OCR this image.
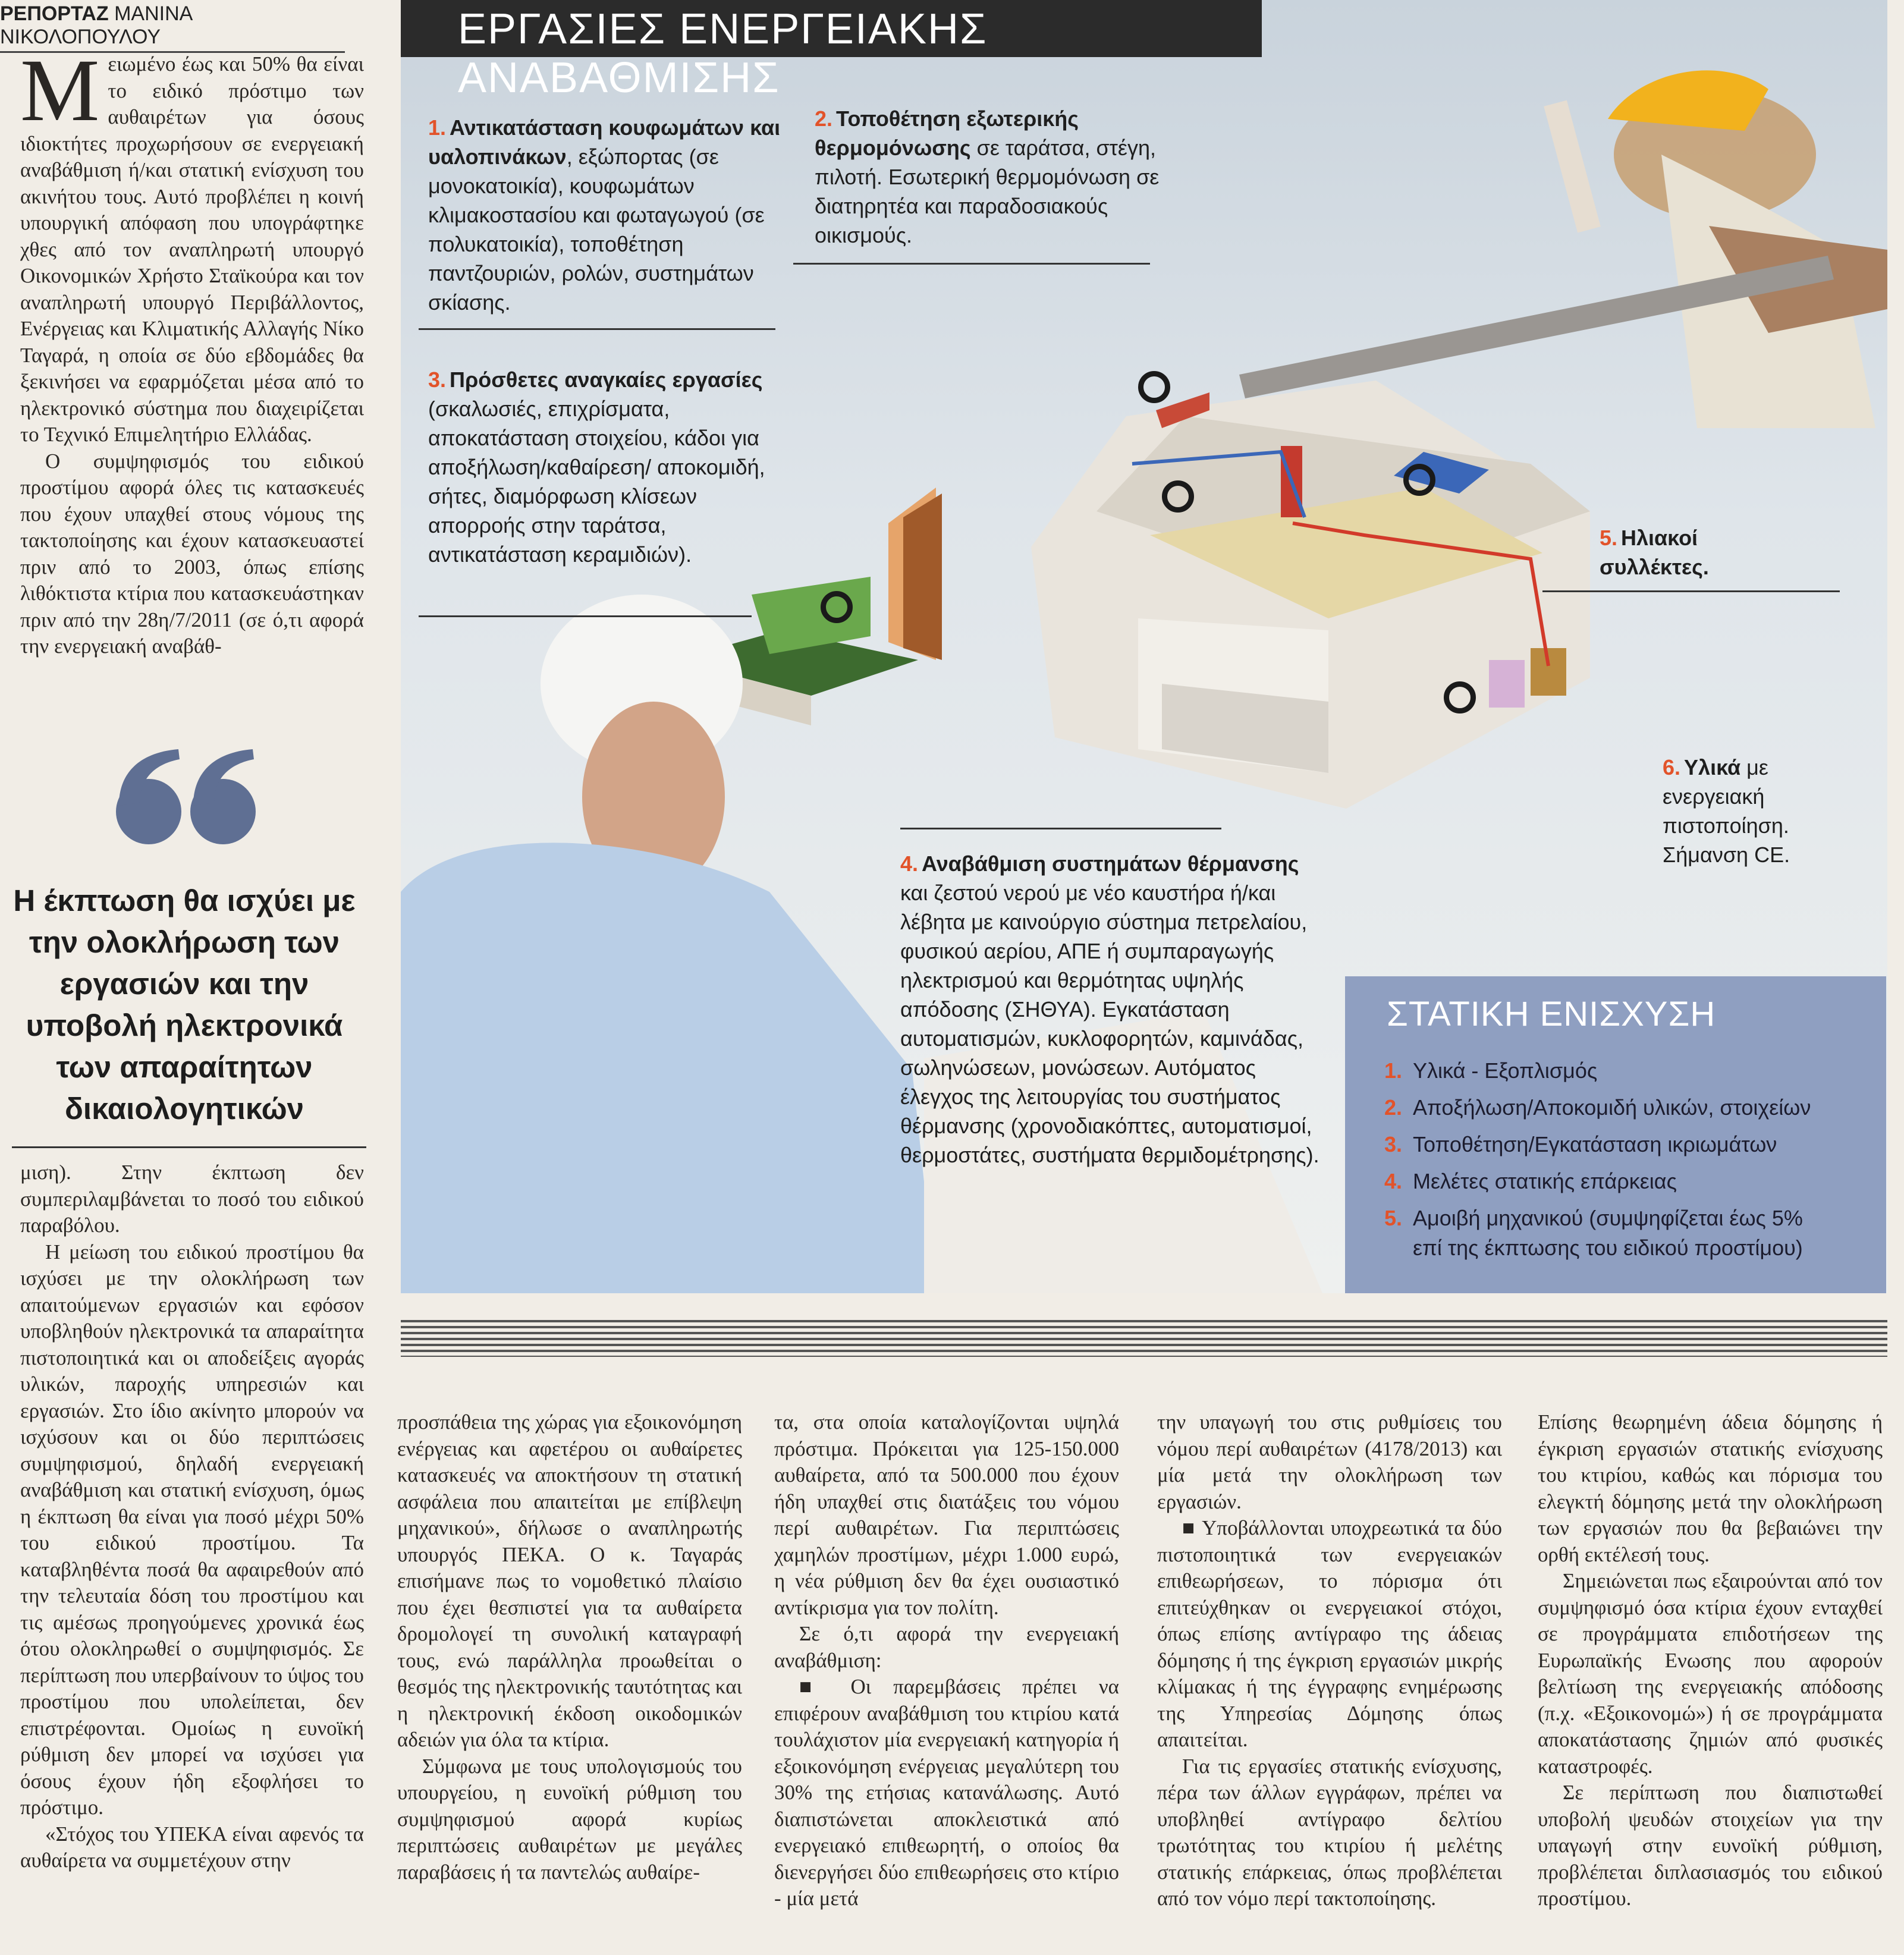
ΡΕΠΟΡΤΑΖ ΜΑΝΙΝΑ ΝΙΚΟΛΟΠΟΥΛΟΥ
Μ ειωμένο έως και 50% θα είναι το ειδικό πρόστιμο των αυθαιρέτων για όσους ιδιοκτήτες προχωρήσουν σε ενεργειακή αναβάθμιση ή/και στατική ενίσχυση του ακινήτου τους. Αυτό προβλέπει η κοινή υπουργική απόφαση που υπογράφτηκε χθες από τον αναπληρωτή υπουργό Οικονομικών Χρήστο Σταϊκούρα και τον αναπληρωτή υπουργό Περιβάλλοντος, Ενέργειας και Κλιματικής Αλλαγής Νίκο Ταγαρά, η οποία σε δύο εβδομάδες θα ξεκινήσει να εφαρμόζεται μέσα από το ηλεκτρονικό σύστημα που διαχειρίζεται το Τεχνικό Επιμελητήριο Ελλάδας.

Ο συμψηφισμός του ειδικού προστίμου αφορά όλες τις κατασκευές που έχουν υπαχθεί στους νόμους της τακτοποίησης και έχουν κατασκευαστεί πριν από το 2003, όπως επίσης λιθόκτιστα κτίρια που κατασκευάστηκαν πριν από την 28η/7/2011 (σε ό,τι αφορά την ενεργειακή αναβάθ-

Η έκπτωση θα ισχύει με την ολοκλήρωση των εργασιών και την υποβολή ηλεκτρονικά των απαραίτητων δικαιολογητικών

μιση). Στην έκπτωση δεν συμπεριλαμβάνεται το ποσό του ειδικού παραβόλου.

Η μείωση του ειδικού προστίμου θα ισχύσει με την ολοκλήρωση των απαιτούμενων εργασιών και εφόσον υποβληθούν ηλεκτρονικά τα απαραίτητα πιστοποιητικά και οι αποδείξεις αγοράς υλικών, παροχής υπηρεσιών και εργασιών. Στο ίδιο ακίνητο μπορούν να ισχύσουν και οι δύο περιπτώσεις συμψηφισμού, δηλαδή ενεργειακή αναβάθμιση και στατική ενίσχυση, όμως η έκπτωση θα είναι για ποσό μέχρι 50% του ειδικού προστίμου. Τα καταβληθέντα ποσά θα αφαιρεθούν από την τελευταία δόση του προστίμου και τις αμέσως προηγούμενες χρονικά έως ότου ολοκληρωθεί ο συμψηφισμός. Σε περίπτωση που υπερβαίνουν το ύψος του προστίμου που υπολείπεται, δεν επιστρέφονται. Ομοίως η ευνοϊκή ρύθμιση δεν μπορεί να ισχύσει για όσους έχουν ήδη εξοφλήσει το πρόστιμο.

«Στόχος του ΥΠΕΚΑ είναι αφενός τα αυθαίρετα να συμμετέχουν στην

ΕΡΓΑΣΙΕΣ ΕΝΕΡΓΕΙΑΚΗΣ ΑΝΑΒΑΘΜΙΣΗΣ
1. Αντικατάσταση κουφωμάτων και υαλοπινάκων, εξώπορτας (σε μονοκατοικία), κουφωμάτων κλιμακοστασίου και φωταγωγού (σε πολυκατοικία), τοποθέτηση παντζουριών, ρολών, συστημάτων σκίασης.
2. Τοποθέτηση εξωτερικής θερμομόνωσης σε ταράτσα, στέγη, πιλοτή. Εσωτερική θερμομόνωση σε διατηρητέα και παραδοσιακούς οικισμούς.
3. Πρόσθετες αναγκαίες εργασίες (σκαλωσιές, επιχρίσματα, αποκατάσταση στοιχείου, κάδοι για αποξήλωση/καθαίρεση/ αποκομιδή, σήτες, διαμόρφωση κλίσεων απορροής στην ταράτσα, αντικατάσταση κεραμιδιών).
4. Αναβάθμιση συστημάτων θέρμανσης και ζεστού νερού με νέο καυστήρα ή/και λέβητα με καινούργιο σύστημα πετρελαίου, φυσικού αερίου, ΑΠΕ ή συμπαραγωγής ηλεκτρισμού και θερμότητας υψηλής απόδοσης (ΣΗΘΥΑ). Εγκατάσταση αυτοματισμών, κυκλοφορητών, καμινάδας, σωληνώσεων, μονώσεων. Αυτόματος έλεγχος της λειτουργίας του συστήματος θέρμανσης (χρονοδιακόπτες, αυτοματισμοί, θερμοστάτες, συστήματα θερμιδομέτρησης).
5. Ηλιακοί συλλέκτες.
6. Υλικά με ενεργειακή πιστοποίηση. Σήμανση CE.
ΣΤΑΤΙΚΗ ΕΝΙΣΧΥΣΗ
1. Υλικά - Εξοπλισμός
2. Αποξήλωση/Αποκομιδή υλικών, στοιχείων
3. Τοποθέτηση/Εγκατάσταση ικριωμάτων
4. Μελέτες στατικής επάρκειας
5. Αμοιβή μηχανικού (συμψηφίζεται έως 5%
επί της έκπτωσης του ειδικού προστίμου)

προσπάθεια της χώρας για εξοικονόμηση ενέργειας και αφετέρου οι αυθαίρετες κατασκευές να αποκτήσουν τη στατική ασφάλεια που απαιτείται με επίβλεψη μηχανικού», δήλωσε ο αναπληρωτής υπουργός ΠΕΚΑ. Ο κ. Ταγαράς επισήμανε πως το νομοθετικό πλαίσιο που έχει θεσπιστεί για τα αυθαίρετα δρομολογεί τη συνολική καταγραφή τους, ενώ παράλληλα προωθείται ο θεσμός της ηλεκτρονικής ταυτότητας και η ηλεκτρονική έκδοση οικοδομικών αδειών για όλα τα κτίρια.

Σύμφωνα με τους υπολογισμούς του υπουργείου, η ευνοϊκή ρύθμιση του συμψηφισμού αφορά κυρίως περιπτώσεις αυθαιρέτων με μεγάλες παραβάσεις ή τα παντελώς αυθαίρε-

τα, στα οποία καταλογίζονται υψηλά πρόστιμα. Πρόκειται για 125-150.000 αυθαίρετα, από τα 500.000 που έχουν ήδη υπαχθεί στις διατάξεις του νόμου περί αυθαιρέτων. Για περιπτώσεις χαμηλών προστίμων, μέχρι 1.000 ευρώ, η νέα ρύθμιση δεν θα έχει ουσιαστικό αντίκρισμα για τον πολίτη.

Σε ό,τι αφορά την ενεργειακή αναβάθμιση:

■ Οι παρεμβάσεις πρέπει να επιφέρουν αναβάθμιση του κτιρίου κατά τουλάχιστον μία ενεργειακή κατηγορία ή εξοικονόμηση ενέργειας μεγαλύτερη του 30% της ετήσιας κατανάλωσης. Αυτό διαπιστώνεται αποκλειστικά από ενεργειακό επιθεωρητή, ο οποίος θα διενεργήσει δύο επιθεωρήσεις στο κτίριο - μία μετά

την υπαγωγή του στις ρυθμίσεις του νόμου περί αυθαιρέτων (4178/2013) και μία μετά την ολοκλήρωση των εργασιών.

■ Υποβάλλονται υποχρεωτικά τα δύο πιστοποιητικά των ενεργειακών επιθεωρήσεων, το πόρισμα ότι επιτεύχθηκαν οι ενεργειακοί στόχοι, όπως επίσης αντίγραφο της άδειας δόμησης ή της έγκριση εργασιών μικρής κλίμακας ή της έγγραφης ενημέρωσης της Υπηρεσίας Δόμησης όπως απαιτείται.

Για τις εργασίες στατικής ενίσχυσης, πέρα των άλλων εγγράφων, πρέπει να υποβληθεί αντίγραφο δελτίου τρωτότητας του κτιρίου ή μελέτης στατικής επάρκειας, όπως προβλέπεται από τον νόμο περί τακτοποίησης.

Επίσης θεωρημένη άδεια δόμησης ή έγκριση εργασιών στατικής ενίσχυσης του κτιρίου, καθώς και πόρισμα του ελεγκτή δόμησης μετά την ολοκλήρωση των εργασιών που θα βεβαιώνει την ορθή εκτέλεσή τους.

Σημειώνεται πως εξαιρούνται από τον συμψηφισμό όσα κτίρια έχουν ενταχθεί σε προγράμματα επιδοτήσεων της Ευρωπαϊκής Ενωσης που αφορούν βελτίωση της ενεργειακής απόδοσης (π.χ. «Εξοικονομώ») ή σε προγράμματα αποκατάστασης ζημιών από φυσικές καταστροφές.

Σε περίπτωση που διαπιστωθεί υποβολή ψευδών στοιχείων για την υπαγωγή στην ευνοϊκή ρύθμιση, προβλέπεται διπλασιασμός του ειδικού προστίμου.
